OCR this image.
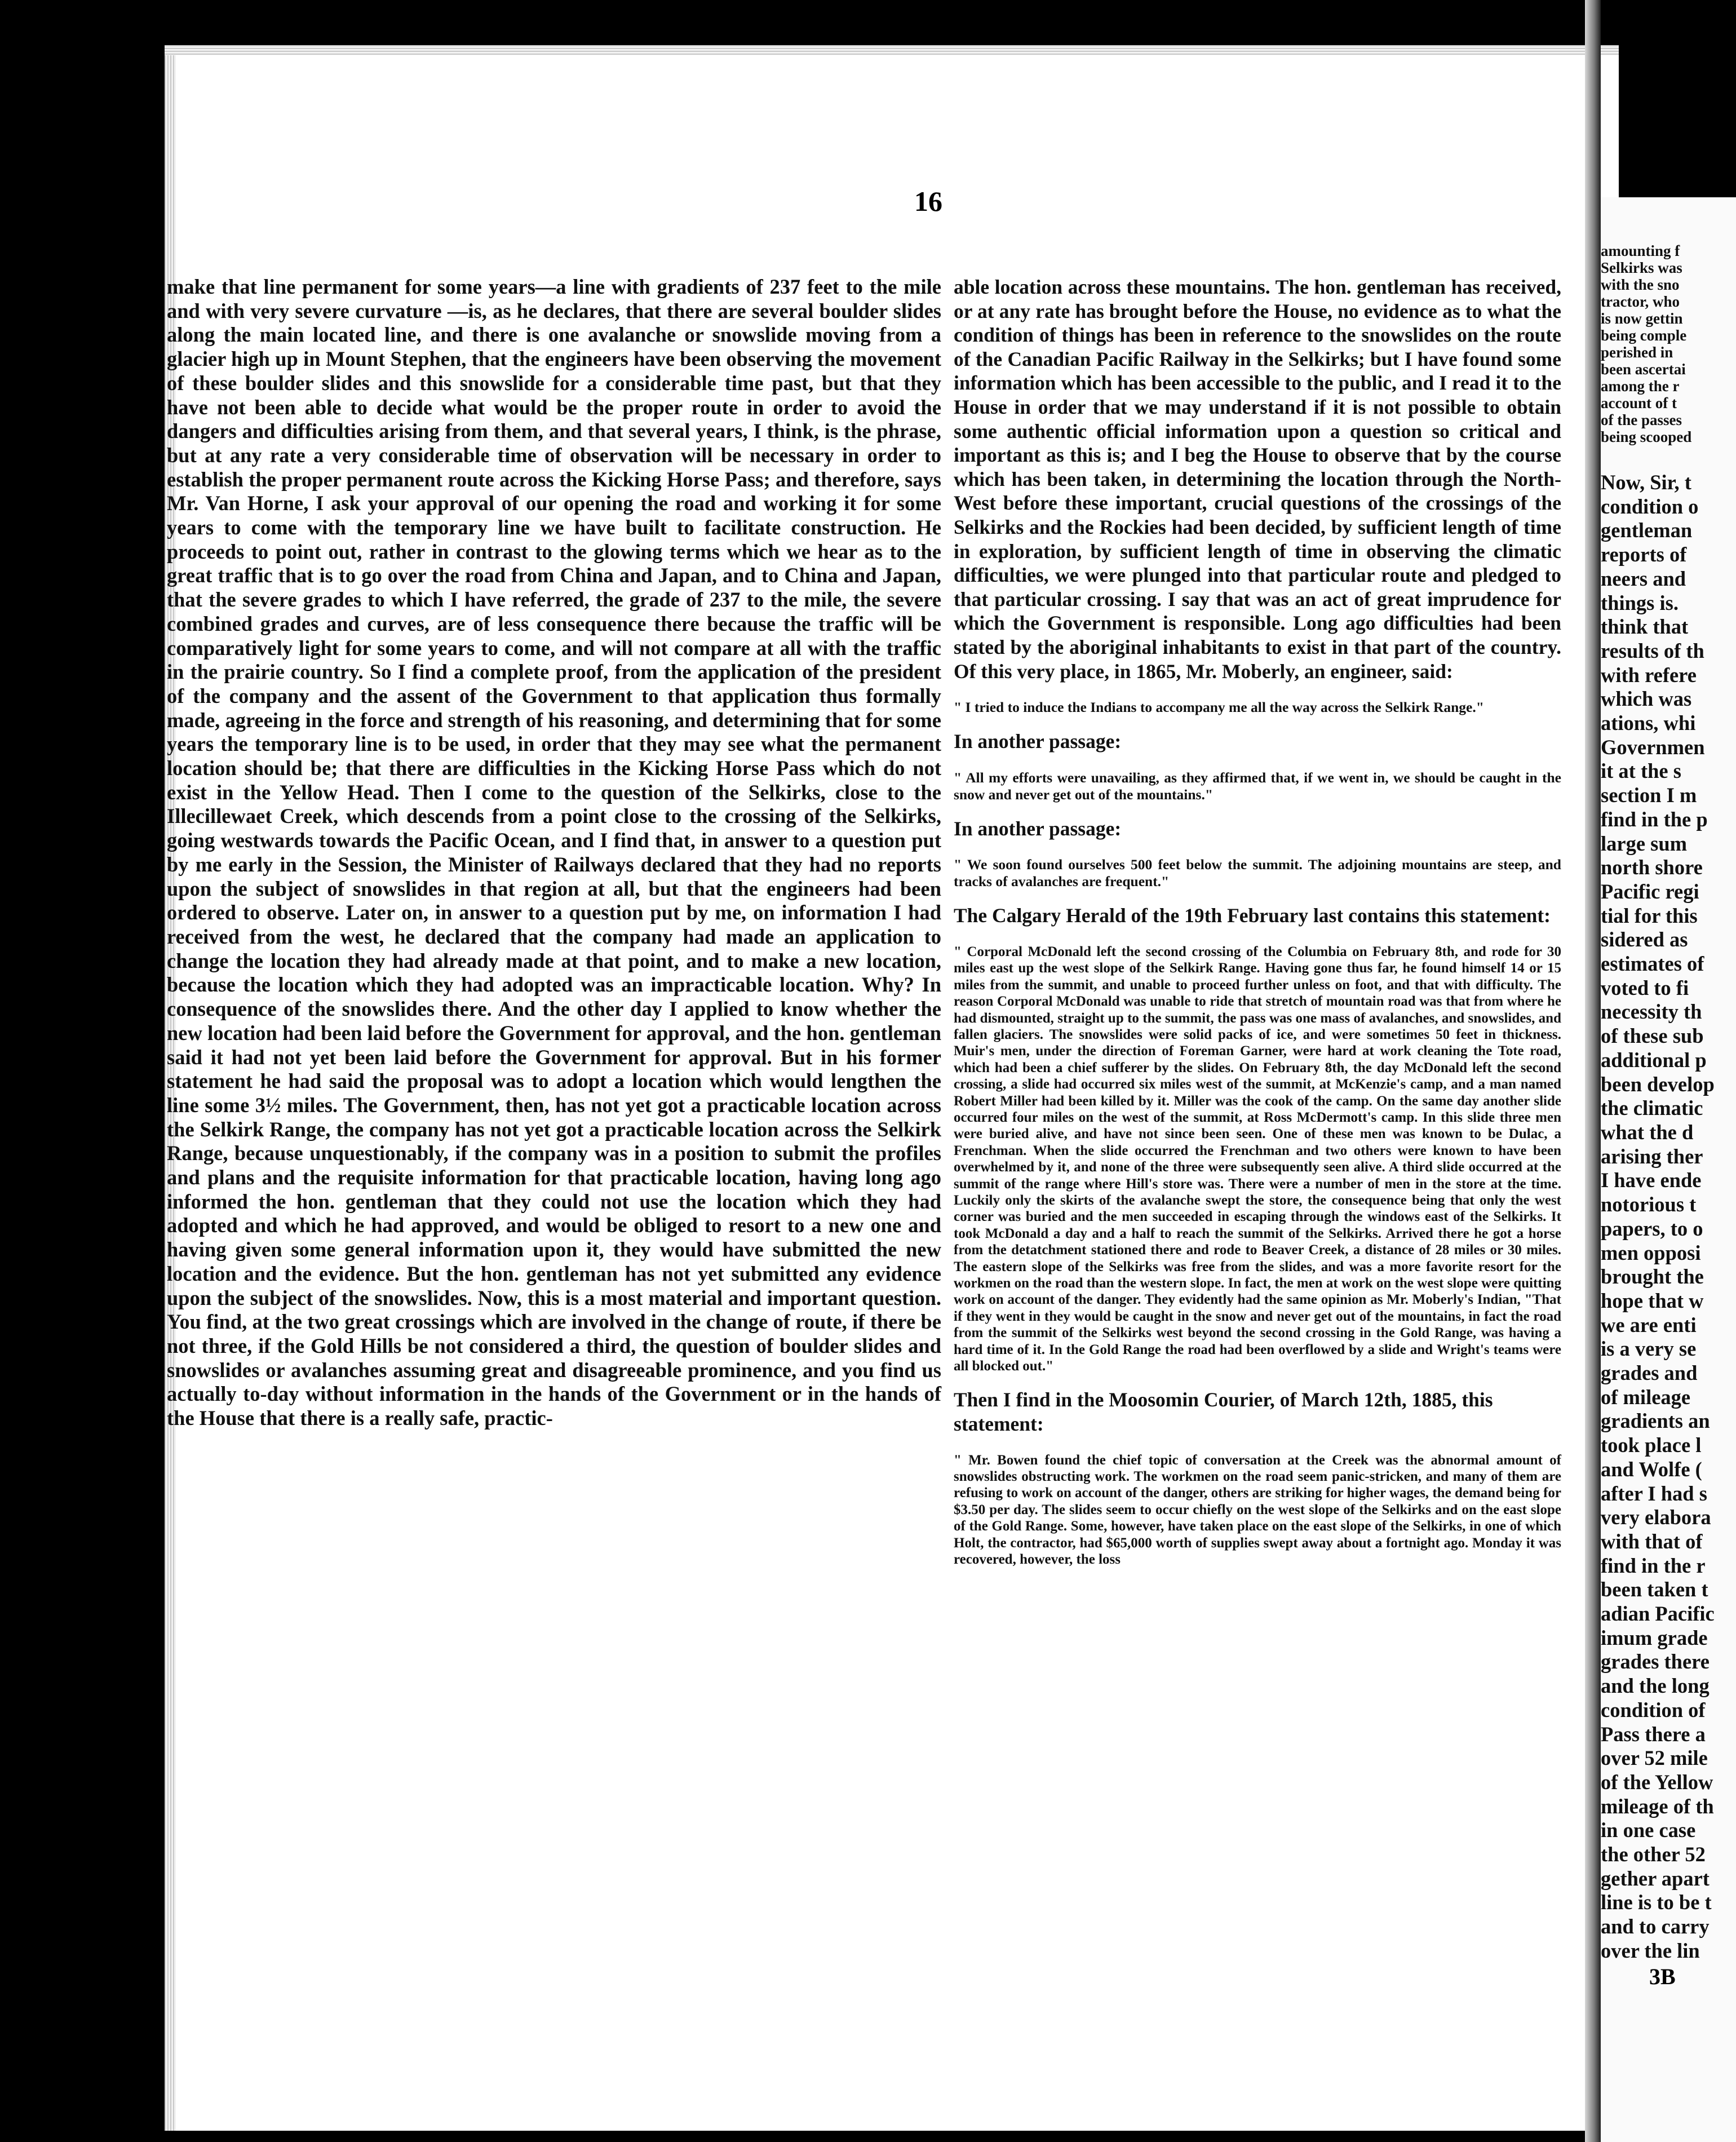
16

make that line permanent for some years—a line with gradients of 237 feet to the mile and with very severe curvature —is, as he declares, that there are several boulder slides along the main located line, and there is one avalanche or snowslide moving from a glacier high up in Mount Stephen, that the engineers have been observing the movement of these boulder slides and this snowslide for a considerable time past, but that they have not been able to decide what would be the proper route in order to avoid the dangers and difficulties arising from them, and that several years, I think, is the phrase, but at any rate a very considerable time of observation will be necessary in order to establish the proper permanent route across the Kicking Horse Pass; and therefore, says Mr. Van Horne, I ask your approval of our opening the road and working it for some years to come with the temporary line we have built to facilitate construction. He proceeds to point out, rather in contrast to the glowing terms which we hear as to the great traffic that is to go over the road from China and Japan, and to China and Japan, that the severe grades to which I have referred, the grade of 237 to the mile, the severe combined grades and curves, are of less consequence there because the traffic will be comparatively light for some years to come, and will not compare at all with the traffic in the prairie country. So I find a complete proof, from the application of the president of the company and the assent of the Government to that application thus formally made, agreeing in the force and strength of his reasoning, and determining that for some years the temporary line is to be used, in order that they may see what the permanent location should be; that there are difficulties in the Kicking Horse Pass which do not exist in the Yellow Head. Then I come to the question of the Selkirks, close to the Illecillewaet Creek, which descends from a point close to the crossing of the Selkirks, going westwards towards the Pacific Ocean, and I find that, in answer to a question put by me early in the Session, the Minister of Railways declared that they had no reports upon the subject of snowslides in that region at all, but that the engineers had been ordered to observe. Later on, in answer to a question put by me, on information I had received from the west, he declared that the company had made an application to change the location they had already made at that point, and to make a new location, because the location which they had adopted was an impracticable location. Why? In consequence of the snowslides there. And the other day I applied to know whether the new location had been laid before the Government for approval, and the hon. gentleman said it had not yet been laid before the Government for approval. But in his former statement he had said the proposal was to adopt a location which would lengthen the line some 3½ miles. The Government, then, has not yet got a practicable location across the Selkirk Range, the company has not yet got a practicable location across the Selkirk Range, because unquestionably, if the company was in a position to submit the profiles and plans and the requisite information for that practicable location, having long ago informed the hon. gentleman that they could not use the location which they had adopted and which he had approved, and would be obliged to resort to a new one and having given some general information upon it, they would have submitted the new location and the evidence. But the hon. gentleman has not yet submitted any evidence upon the subject of the snowslides. Now, this is a most material and important question. You find, at the two great crossings which are involved in the change of route, if there be not three, if the Gold Hills be not considered a third, the question of boulder slides and snowslides or avalanches assuming great and disagreeable prominence, and you find us actually to-day without information in the hands of the Government or in the hands of the House that there is a really safe, practic-

able location across these mountains. The hon. gentleman has received, or at any rate has brought before the House, no evidence as to what the condition of things has been in reference to the snowslides on the route of the Canadian Pacific Railway in the Selkirks; but I have found some information which has been accessible to the public, and I read it to the House in order that we may understand if it is not possible to obtain some authentic official information upon a question so critical and important as this is; and I beg the House to observe that by the course which has been taken, in determining the location through the North-West before these important, crucial questions of the crossings of the Selkirks and the Rockies had been decided, by sufficient length of time in exploration, by sufficient length of time in observing the climatic difficulties, we were plunged into that particular route and pledged to that particular crossing. I say that was an act of great imprudence for which the Government is responsible. Long ago difficulties had been stated by the aboriginal inhabitants to exist in that part of the country. Of this very place, in 1865, Mr. Moberly, an engineer, said:

" I tried to induce the Indians to accompany me all the way across the Selkirk Range."

In another passage:

" All my efforts were unavailing, as they affirmed that, if we went in, we should be caught in the snow and never get out of the mountains."

In another passage:

" We soon found ourselves 500 feet below the summit. The adjoining mountains are steep, and tracks of avalanches are frequent."

The Calgary Herald of the 19th February last contains this statement:

" Corporal McDonald left the second crossing of the Columbia on February 8th, and rode for 30 miles east up the west slope of the Selkirk Range. Having gone thus far, he found himself 14 or 15 miles from the summit, and unable to proceed further unless on foot, and that with difficulty. The reason Corporal McDonald was unable to ride that stretch of mountain road was that from where he had dismounted, straight up to the summit, the pass was one mass of avalanches, and snowslides, and fallen glaciers. The snowslides were solid packs of ice, and were sometimes 50 feet in thickness. Muir's men, under the direction of Foreman Garner, were hard at work cleaning the Tote road, which had been a chief sufferer by the slides. On February 8th, the day McDonald left the second crossing, a slide had occurred six miles west of the summit, at McKenzie's camp, and a man named Robert Miller had been killed by it. Miller was the cook of the camp. On the same day another slide occurred four miles on the west of the summit, at Ross McDermott's camp. In this slide three men were buried alive, and have not since been seen. One of these men was known to be Dulac, a Frenchman. When the slide occurred the Frenchman and two others were known to have been overwhelmed by it, and none of the three were subsequently seen alive. A third slide occurred at the summit of the range where Hill's store was. There were a number of men in the store at the time. Luckily only the skirts of the avalanche swept the store, the consequence being that only the west corner was buried and the men succeeded in escaping through the windows east of the Selkirks. It took McDonald a day and a half to reach the summit of the Selkirks. Arrived there he got a horse from the detatchment stationed there and rode to Beaver Creek, a distance of 28 miles or 30 miles. The eastern slope of the Selkirks was free from the slides, and was a more favorite resort for the workmen on the road than the western slope. In fact, the men at work on the west slope were quitting work on account of the danger. They evidently had the same opinion as Mr. Moberly's Indian, "That if they went in they would be caught in the snow and never get out of the mountains, in fact the road from the summit of the Selkirks west beyond the second crossing in the Gold Range, was having a hard time of it. In the Gold Range the road had been overflowed by a slide and Wright's teams were all blocked out."

Then I find in the Moosomin Courier, of March 12th, 1885, this statement:

" Mr. Bowen found the chief topic of conversation at the Creek was the abnormal amount of snowslides obstructing work. The workmen on the road seem panic-stricken, and many of them are refusing to work on account of the danger, others are striking for higher wages, the demand being for $3.50 per day. The slides seem to occur chiefly on the west slope of the Selkirks and on the east slope of the Gold Range. Some, however, have taken place on the east slope of the Selkirks, in one of which Holt, the contractor, had $65,000 worth of supplies swept away about a fortnight ago. Monday it was recovered, however, the loss

amounting f
Selkirks was
with the sno
tractor, who
is now gettin
being comple
perished in
been ascertai
among the r
account of t
of the passes
being scooped
Now, Sir, t
condition o
gentleman
reports of
neers and
things is.
think that
results of th
with refere
which was
ations, whi
Governmen
it at the s
section I m
find in the p
large sum
north shore
Pacific regi
tial for this
sidered as
estimates of
voted to fi
necessity th
of these sub
additional p
been develop
the climatic
what the d
arising ther
I have ende
notorious t
papers, to o
men opposi
brought the
hope that w
we are enti
is a very se
grades and
of mileage
gradients an
took place l
and Wolfe (
after I had s
very elabora
with that of
find in the r
been taken t
adian Pacific
imum grade
grades there
and the long
condition of
Pass there a
over 52 mile
of the Yellow
mileage of th
in one case
the other 52
gether apart
line is to be t
and to carry
over the lin
3B
